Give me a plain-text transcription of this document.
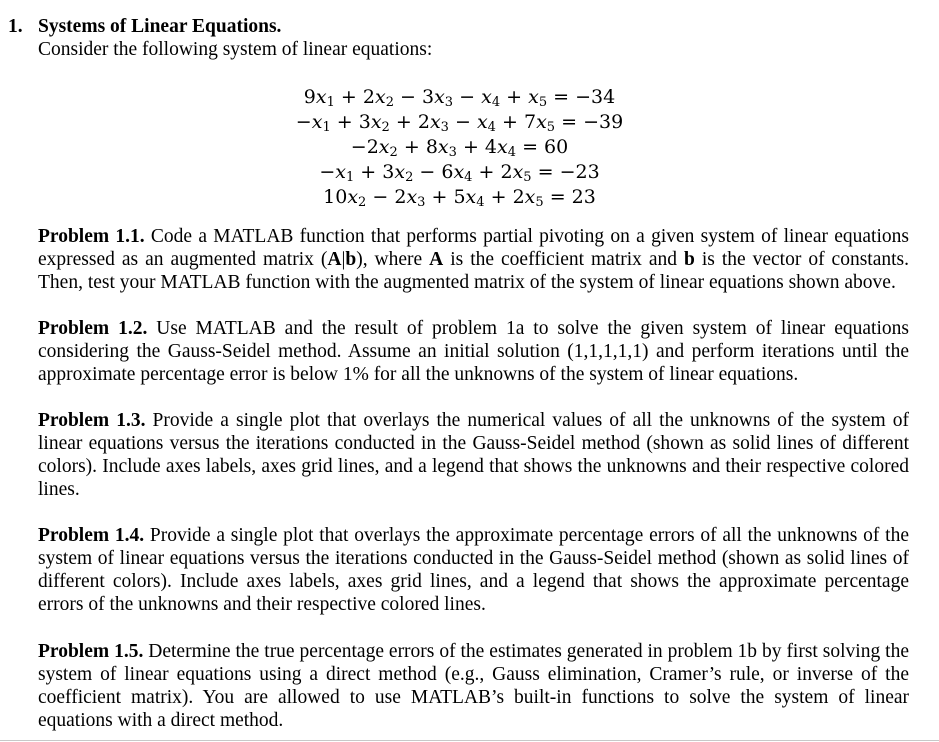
1. Systems of Linear Equations.
Consider the following system of linear equations:
$9x_1 + 2x_2 - 3x_3 - x_4 + x_5 = -34$
$-x_1 + 3x_2 + 2x_3 - x_4 + 7x_5 = -39$
$-2x_2 + 8x_3 + 4x_4 = 60$
$-x_1 + 3x_2 - 6x_4 + 2x_5 = -23$
$10x_2 - 2x_3 + 5x_4 + 2x_5 = 23$
Problem 1.1. Code a MATLAB function that performs partial pivoting on a given system of linear equations expressed as an augmented matrix (A|b), where A is the coefficient matrix and b is the vector of constants. Then, test your MATLAB function with the augmented matrix of the system of linear equations shown above.
Problem 1.2. Use MATLAB and the result of problem 1a to solve the given system of linear equations considering the Gauss-Seidel method. Assume an initial solution (1,1,1,1,1) and perform iterations until the approximate percentage error is below 1% for all the unknowns of the system of linear equations.
Problem 1.3. Provide a single plot that overlays the numerical values of all the unknowns of the system of linear equations versus the iterations conducted in the Gauss-Seidel method (shown as solid lines of different colors). Include axes labels, axes grid lines, and a legend that shows the unknowns and their respective colored lines.
Problem 1.4. Provide a single plot that overlays the approximate percentage errors of all the unknowns of the system of linear equations versus the iterations conducted in the Gauss-Seidel method (shown as solid lines of different colors). Include axes labels, axes grid lines, and a legend that shows the approximate percentage errors of the unknowns and their respective colored lines.
Problem 1.5. Determine the true percentage errors of the estimates generated in problem 1b by first solving the system of linear equations using a direct method (e.g., Gauss elimination, Cramer’s rule, or inverse of the coefficient matrix). You are allowed to use MATLAB’s built-in functions to solve the system of linear equations with a direct method.
